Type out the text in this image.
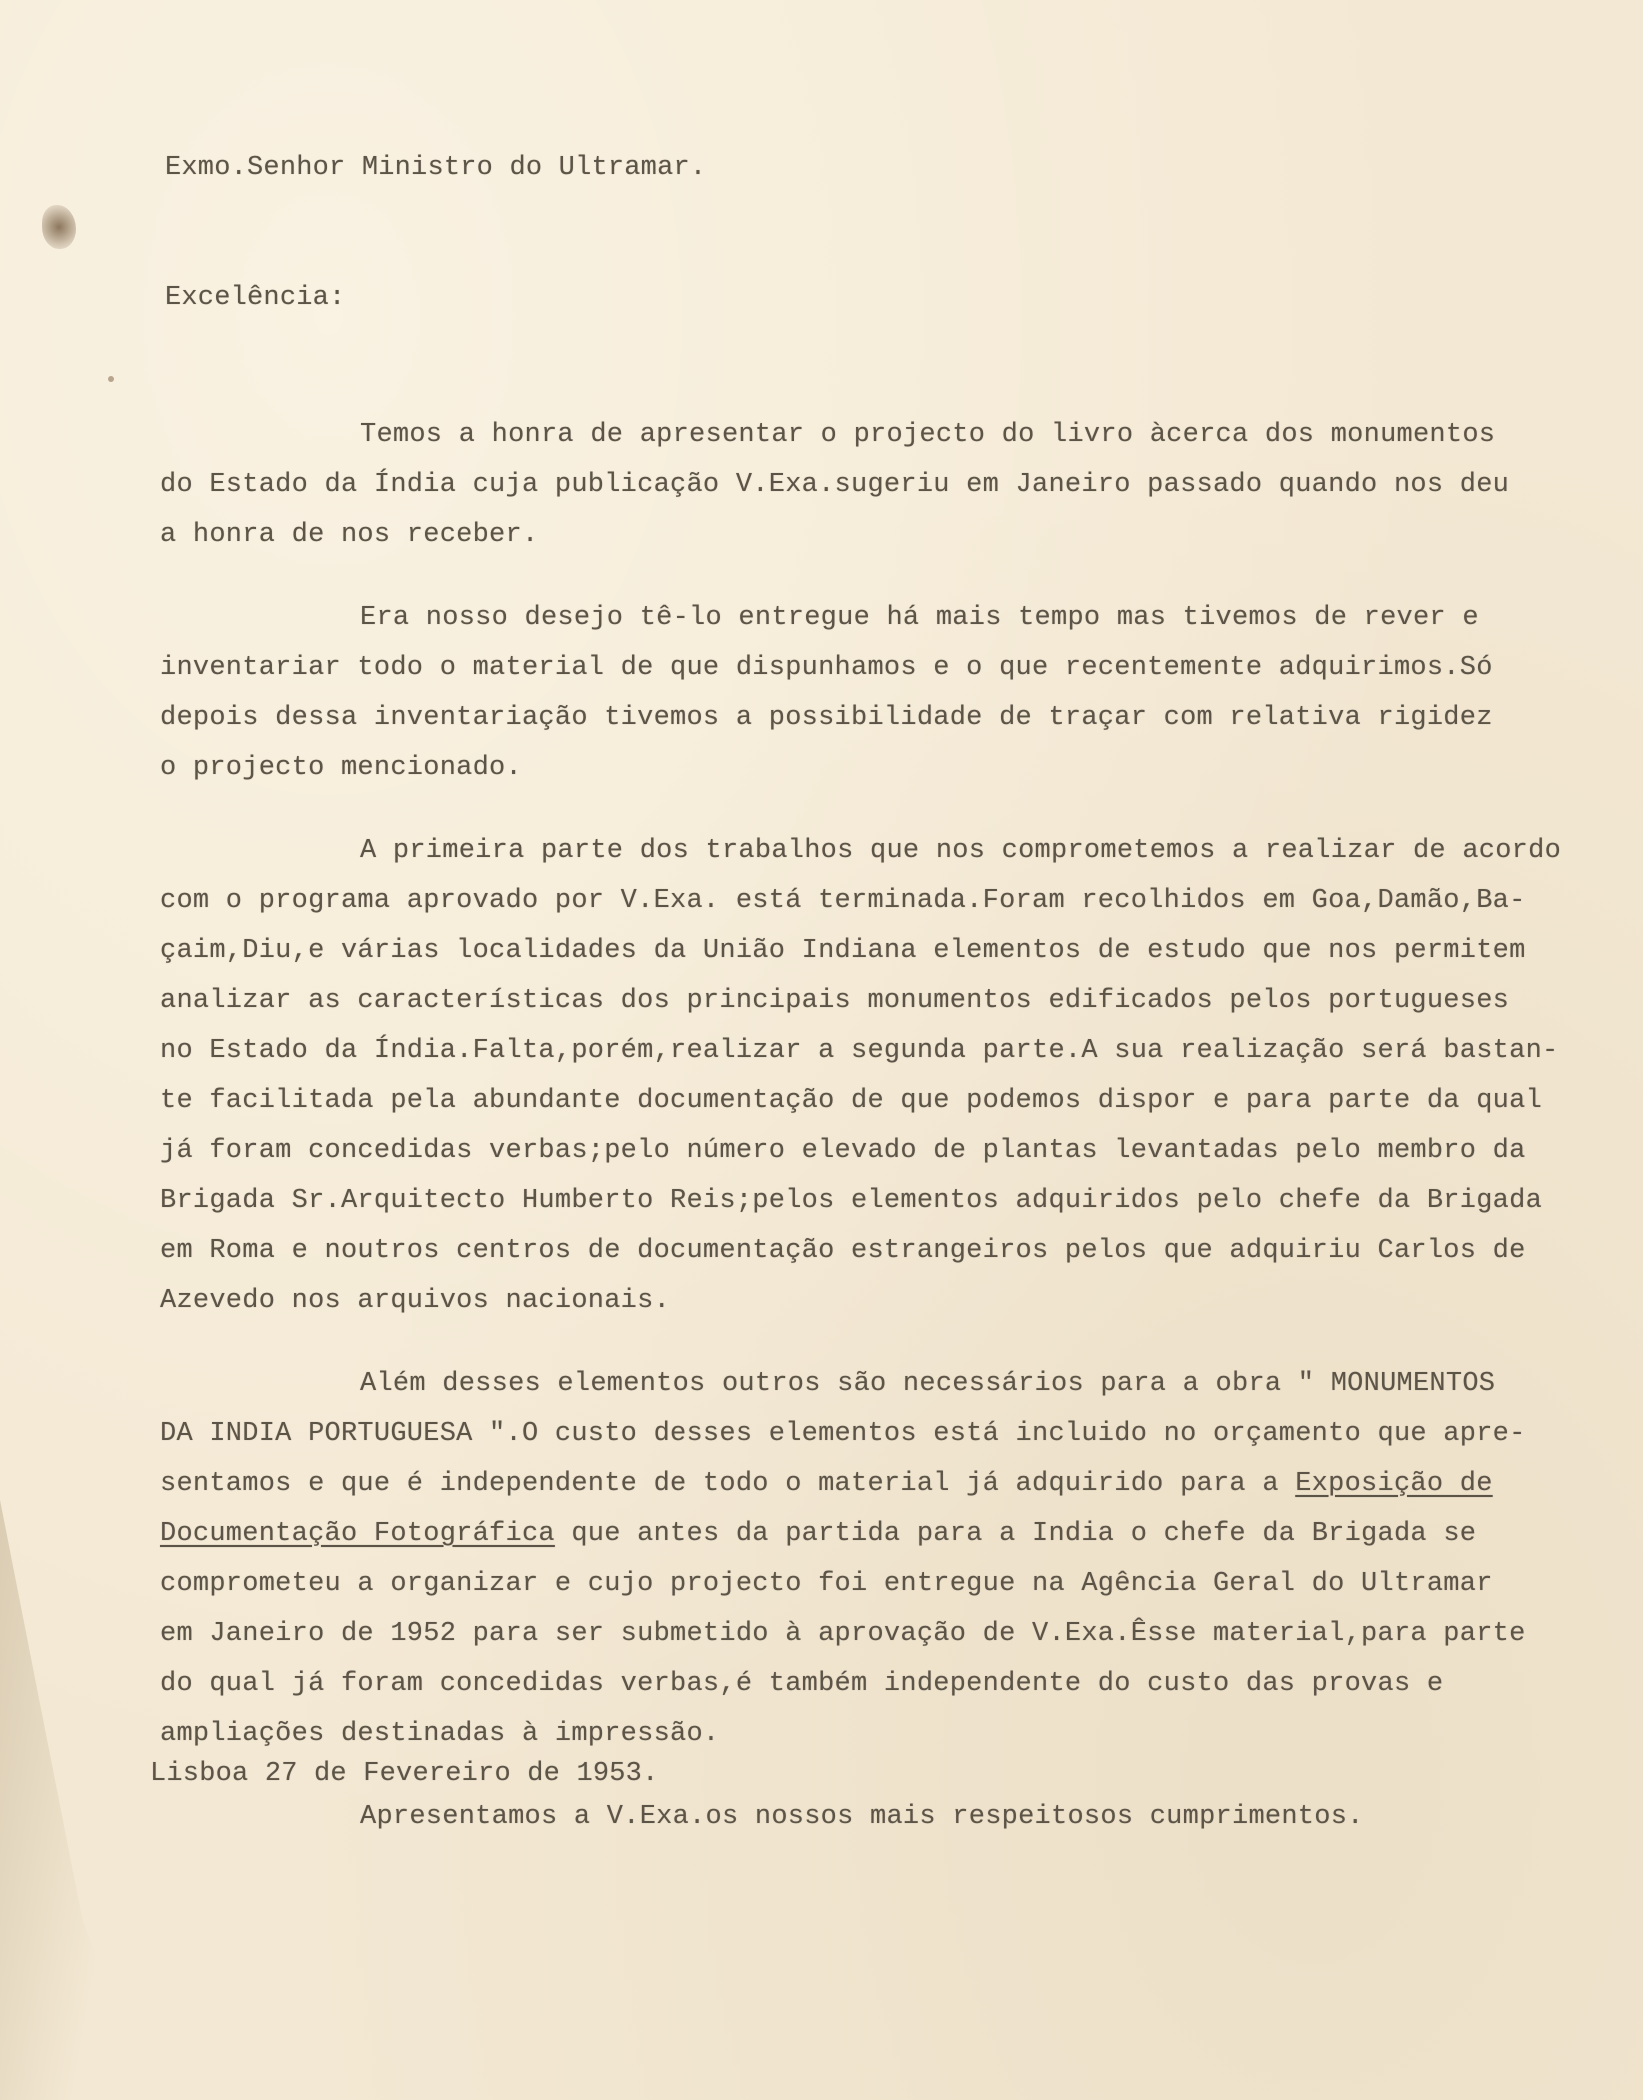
Exmo.Senhor Ministro do Ultramar.
Excelência:
Temos a honra de apresentar o projecto do livro àcerca dos monumentos
do Estado da Índia cuja publicação V.Exa.sugeriu em Janeiro passado quando nos deu
a honra de nos receber.
Era nosso desejo tê-lo entregue há mais tempo mas tivemos de rever e
inventariar todo o material de que dispunhamos e o que recentemente adquirimos.Só
depois dessa inventariação tivemos a possibilidade de traçar com relativa rigidez
o projecto mencionado.
A primeira parte dos trabalhos que nos comprometemos a realizar de acordo
com o programa aprovado por V.Exa. está terminada.Foram recolhidos em Goa,Damão,Ba-
çaim,Diu,e várias localidades da União Indiana elementos de estudo que nos permitem
analizar as características dos principais monumentos edificados pelos portugueses
no Estado da Índia.Falta,porém,realizar a segunda parte.A sua realização será bastan-
te facilitada pela abundante documentação de que podemos dispor e para parte da qual
já foram concedidas verbas;pelo número elevado de plantas levantadas pelo membro da
Brigada Sr.Arquitecto Humberto Reis;pelos elementos adquiridos pelo chefe da Brigada
em Roma e noutros centros de documentação estrangeiros pelos que adquiriu Carlos de
Azevedo nos arquivos nacionais.
Além desses elementos outros são necessários para a obra " MONUMENTOS
DA INDIA PORTUGUESA ".O custo desses elementos está incluido no orçamento que apre-
sentamos e que é independente de todo o material já adquirido para a Exposição de
Documentação Fotográfica que antes da partida para a India o chefe da Brigada se
comprometeu a organizar e cujo projecto foi entregue na Agência Geral do Ultramar
em Janeiro de 1952 para ser submetido à aprovação de V.Exa.Êsse material,para parte
do qual já foram concedidas verbas,é também independente do custo das provas e
ampliações destinadas à impressão.
Apresentamos a V.Exa.os nossos mais respeitosos cumprimentos.
Lisboa 27 de Fevereiro de 1953.
